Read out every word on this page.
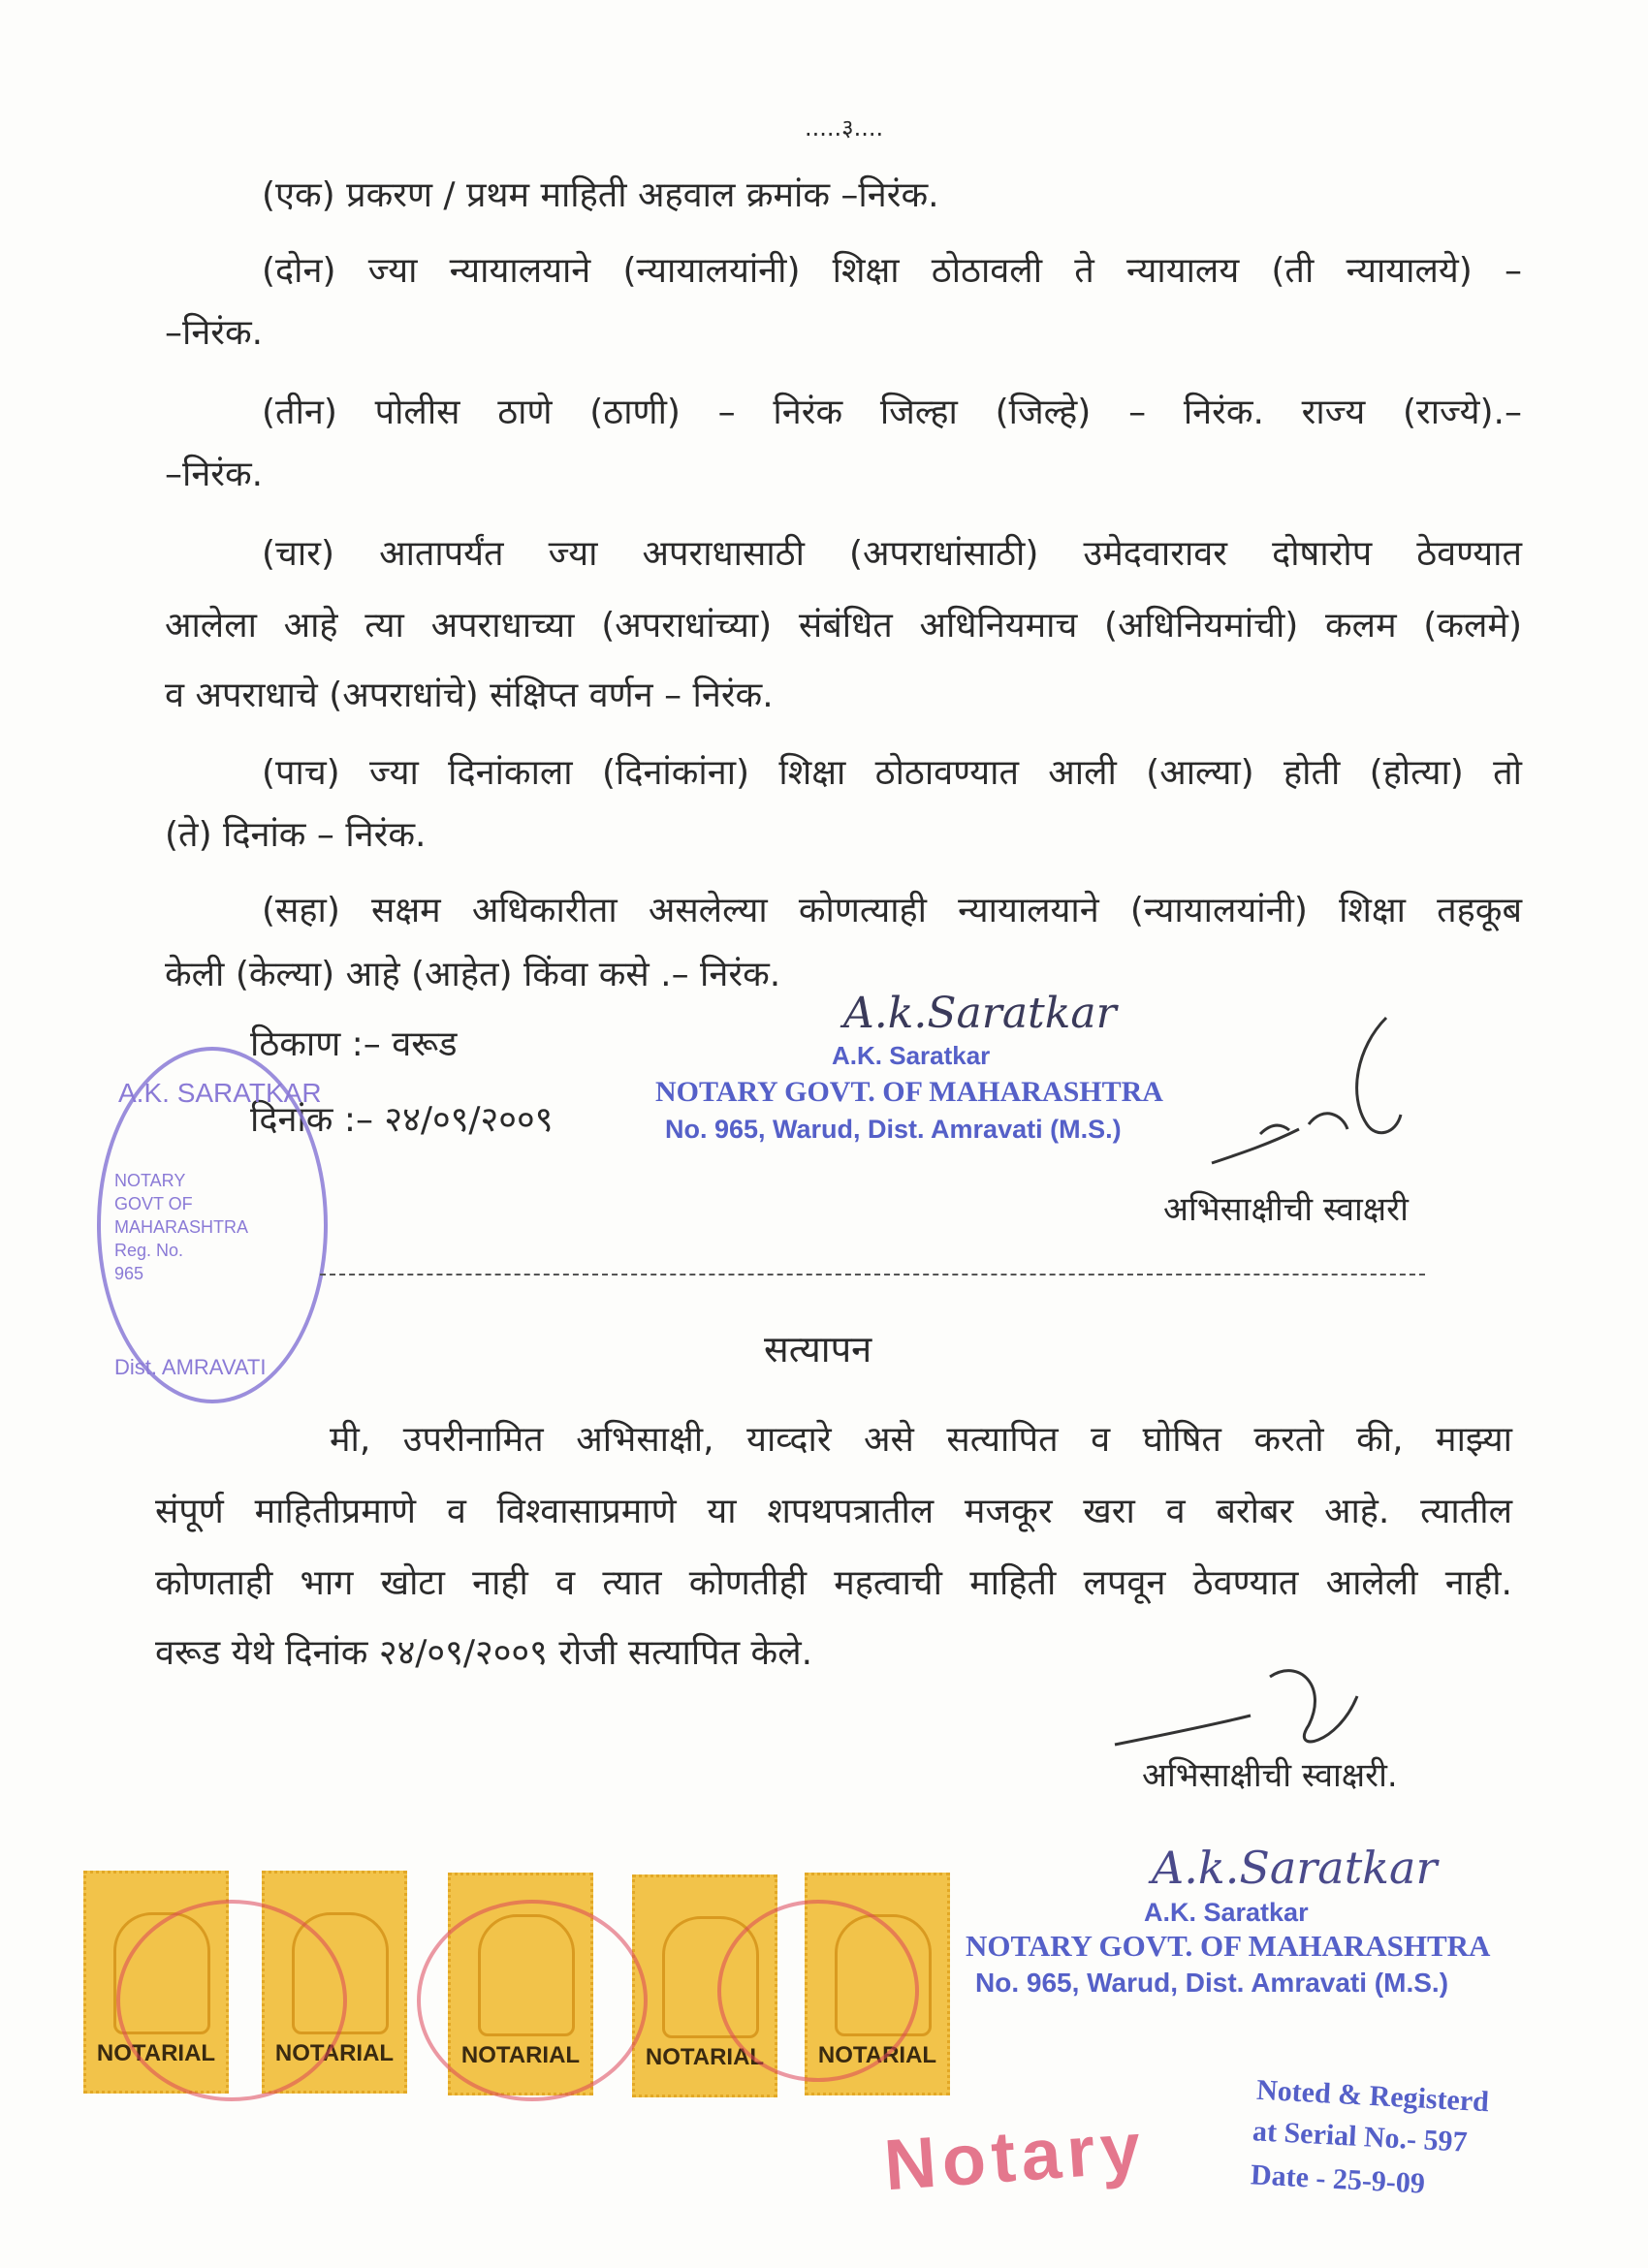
.....३....
(एक) प्रकरण / प्रथम माहिती अहवाल क्रमांक –निरंक.
(दोन) ज्या न्यायालयाने (न्यायालयांनी) शिक्षा ठोठावली ते न्यायालय (ती न्यायालये) –
–निरंक.
(तीन) पोलीस ठाणे (ठाणी) – निरंक जिल्हा (जिल्हे) – निरंक. राज्य (राज्ये).–
–निरंक.
(चार) आतापर्यंत ज्या अपराधासाठी (अपराधांसाठी) उमेदवारावर दोषारोप ठेवण्यात
आलेला आहे त्या अपराधाच्या (अपराधांच्या) संबंधित अधिनियमाच (अधिनियमांची) कलम (कलमे)
व अपराधाचे (अपराधांचे) संक्षिप्त वर्णन – निरंक.
(पाच) ज्या दिनांकाला (दिनांकांना) शिक्षा ठोठावण्यात आली (आल्या) होती (होत्या) तो
(ते) दिनांक – निरंक.
(सहा) सक्षम अधिकारीता असलेल्या कोणत्याही न्यायालयाने (न्यायालयांनी) शिक्षा तहकूब
केली (केल्या) आहे (आहेत) किंवा कसे .– निरंक.
ठिकाण :– वरूड
दिनांक :– २४/०९/२००९
A.k.Saratkar
A.K. Saratkar
NOTARY GOVT. OF MAHARASHTRA
No. 965, Warud, Dist. Amravati (M.S.)
अभिसाक्षीची स्वाक्षरी
A.K. SARATKAR
NOTARY
GOVT OF
MAHARASHTRA
Reg. No.
965
Dist. AMRAVATI	सत्यापन
मी, उपरीनामित अभिसाक्षी, याव्दारे असे सत्यापित व घोषित करतो की, माझ्या
संपूर्ण माहितीप्रमाणे व विश्वासाप्रमाणे या शपथपत्रातील मजकूर खरा व बरोबर आहे. त्यातील
कोणताही भाग खोटा नाही व त्यात कोणतीही महत्वाची माहिती लपवून ठेवण्यात आलेली नाही.
वरूड येथे दिनांक २४/०९/२००९ रोजी सत्यापित केले.
अभिसाक्षीची स्वाक्षरी.
A.k.Saratkar
A.K. Saratkar
NOTARY GOVT. OF MAHARASHTRA
No. 965, Warud, Dist. Amravati (M.S.)
NOTARIAL	NOTARIAL	NOTARIAL	NOTARIAL	NOTARIAL
Notary
Noted & Registerd
at Serial No.- 597
Date - 25-9-09
